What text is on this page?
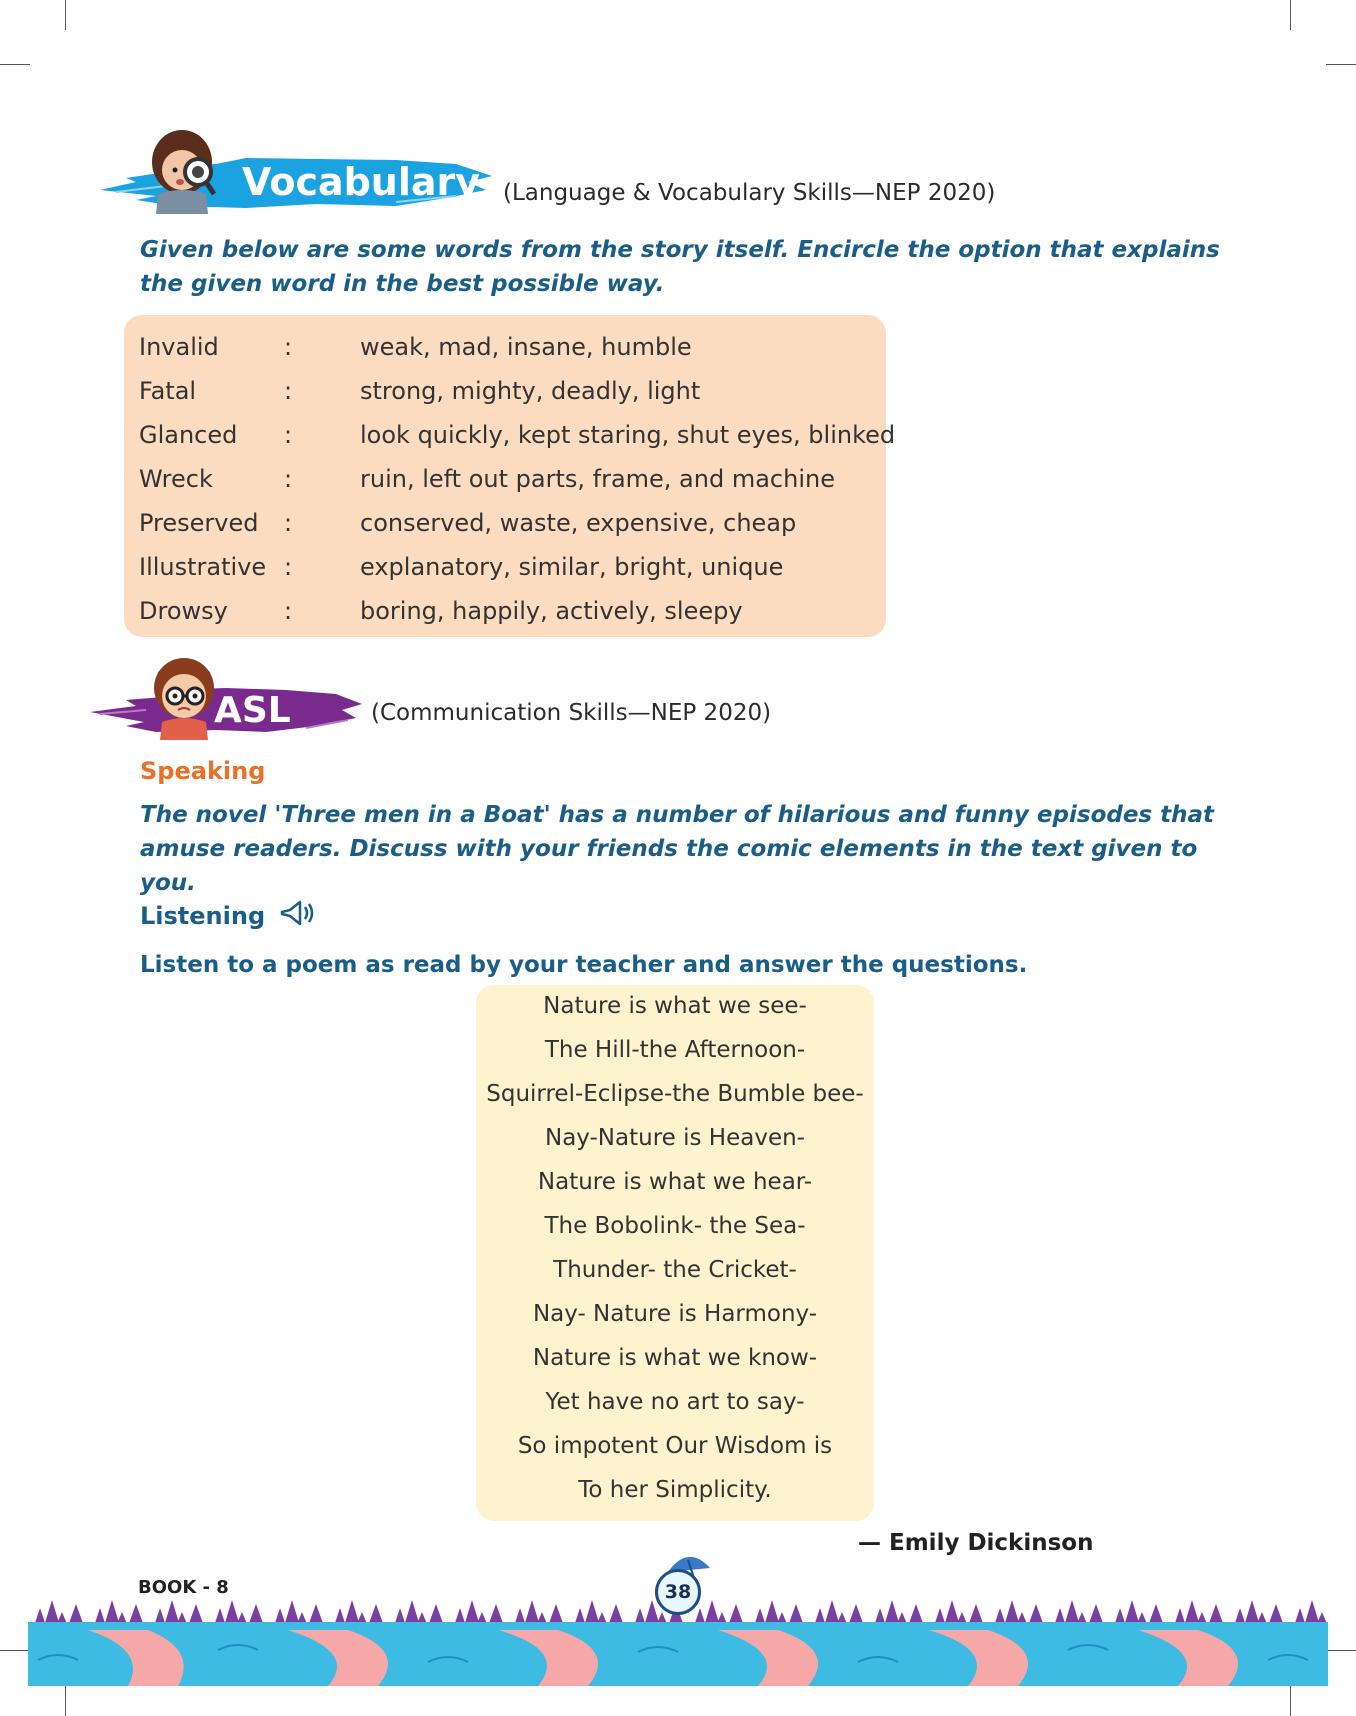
Vocabulary (Language & Vocabulary Skills—NEP 2020)

Given below are some words from the story itself. Encircle the option that explains the given word in the best possible way.

Invalid	:	weak, mad, insane, humble
Fatal	:	strong, mighty, deadly, light
Glanced :	look quickly, kept staring, shut eyes, blinked
Wreck	:	ruin, left out parts, frame, and machine
Preserved :	conserved, waste, expensive, cheap
Illustrative :	explanatory, similar, bright, unique
Drowsy :	boring, happily, actively, sleepy
ASL	(Communication Skills—NEP 2020)
Speaking

The novel 'Three men in a Boat' has a number of hilarious and funny episodes that amuse readers. Discuss with your friends the comic elements in the text given to you.

Listening
Listen to a poem as read by your teacher and answer the questions.
Nature is what we see-
The Hill-the Afternoon-
Squirrel-Eclipse-the Bumble bee-
Nay-Nature is Heaven-
Nature is what we hear-
The Bobolink- the Sea-
Thunder- the Cricket-
Nay- Nature is Harmony-
Nature is what we know-
Yet have no art to say-
So impotent Our Wisdom is
To her Simplicity.
— Emily Dickinson
BOOK - 8	38
